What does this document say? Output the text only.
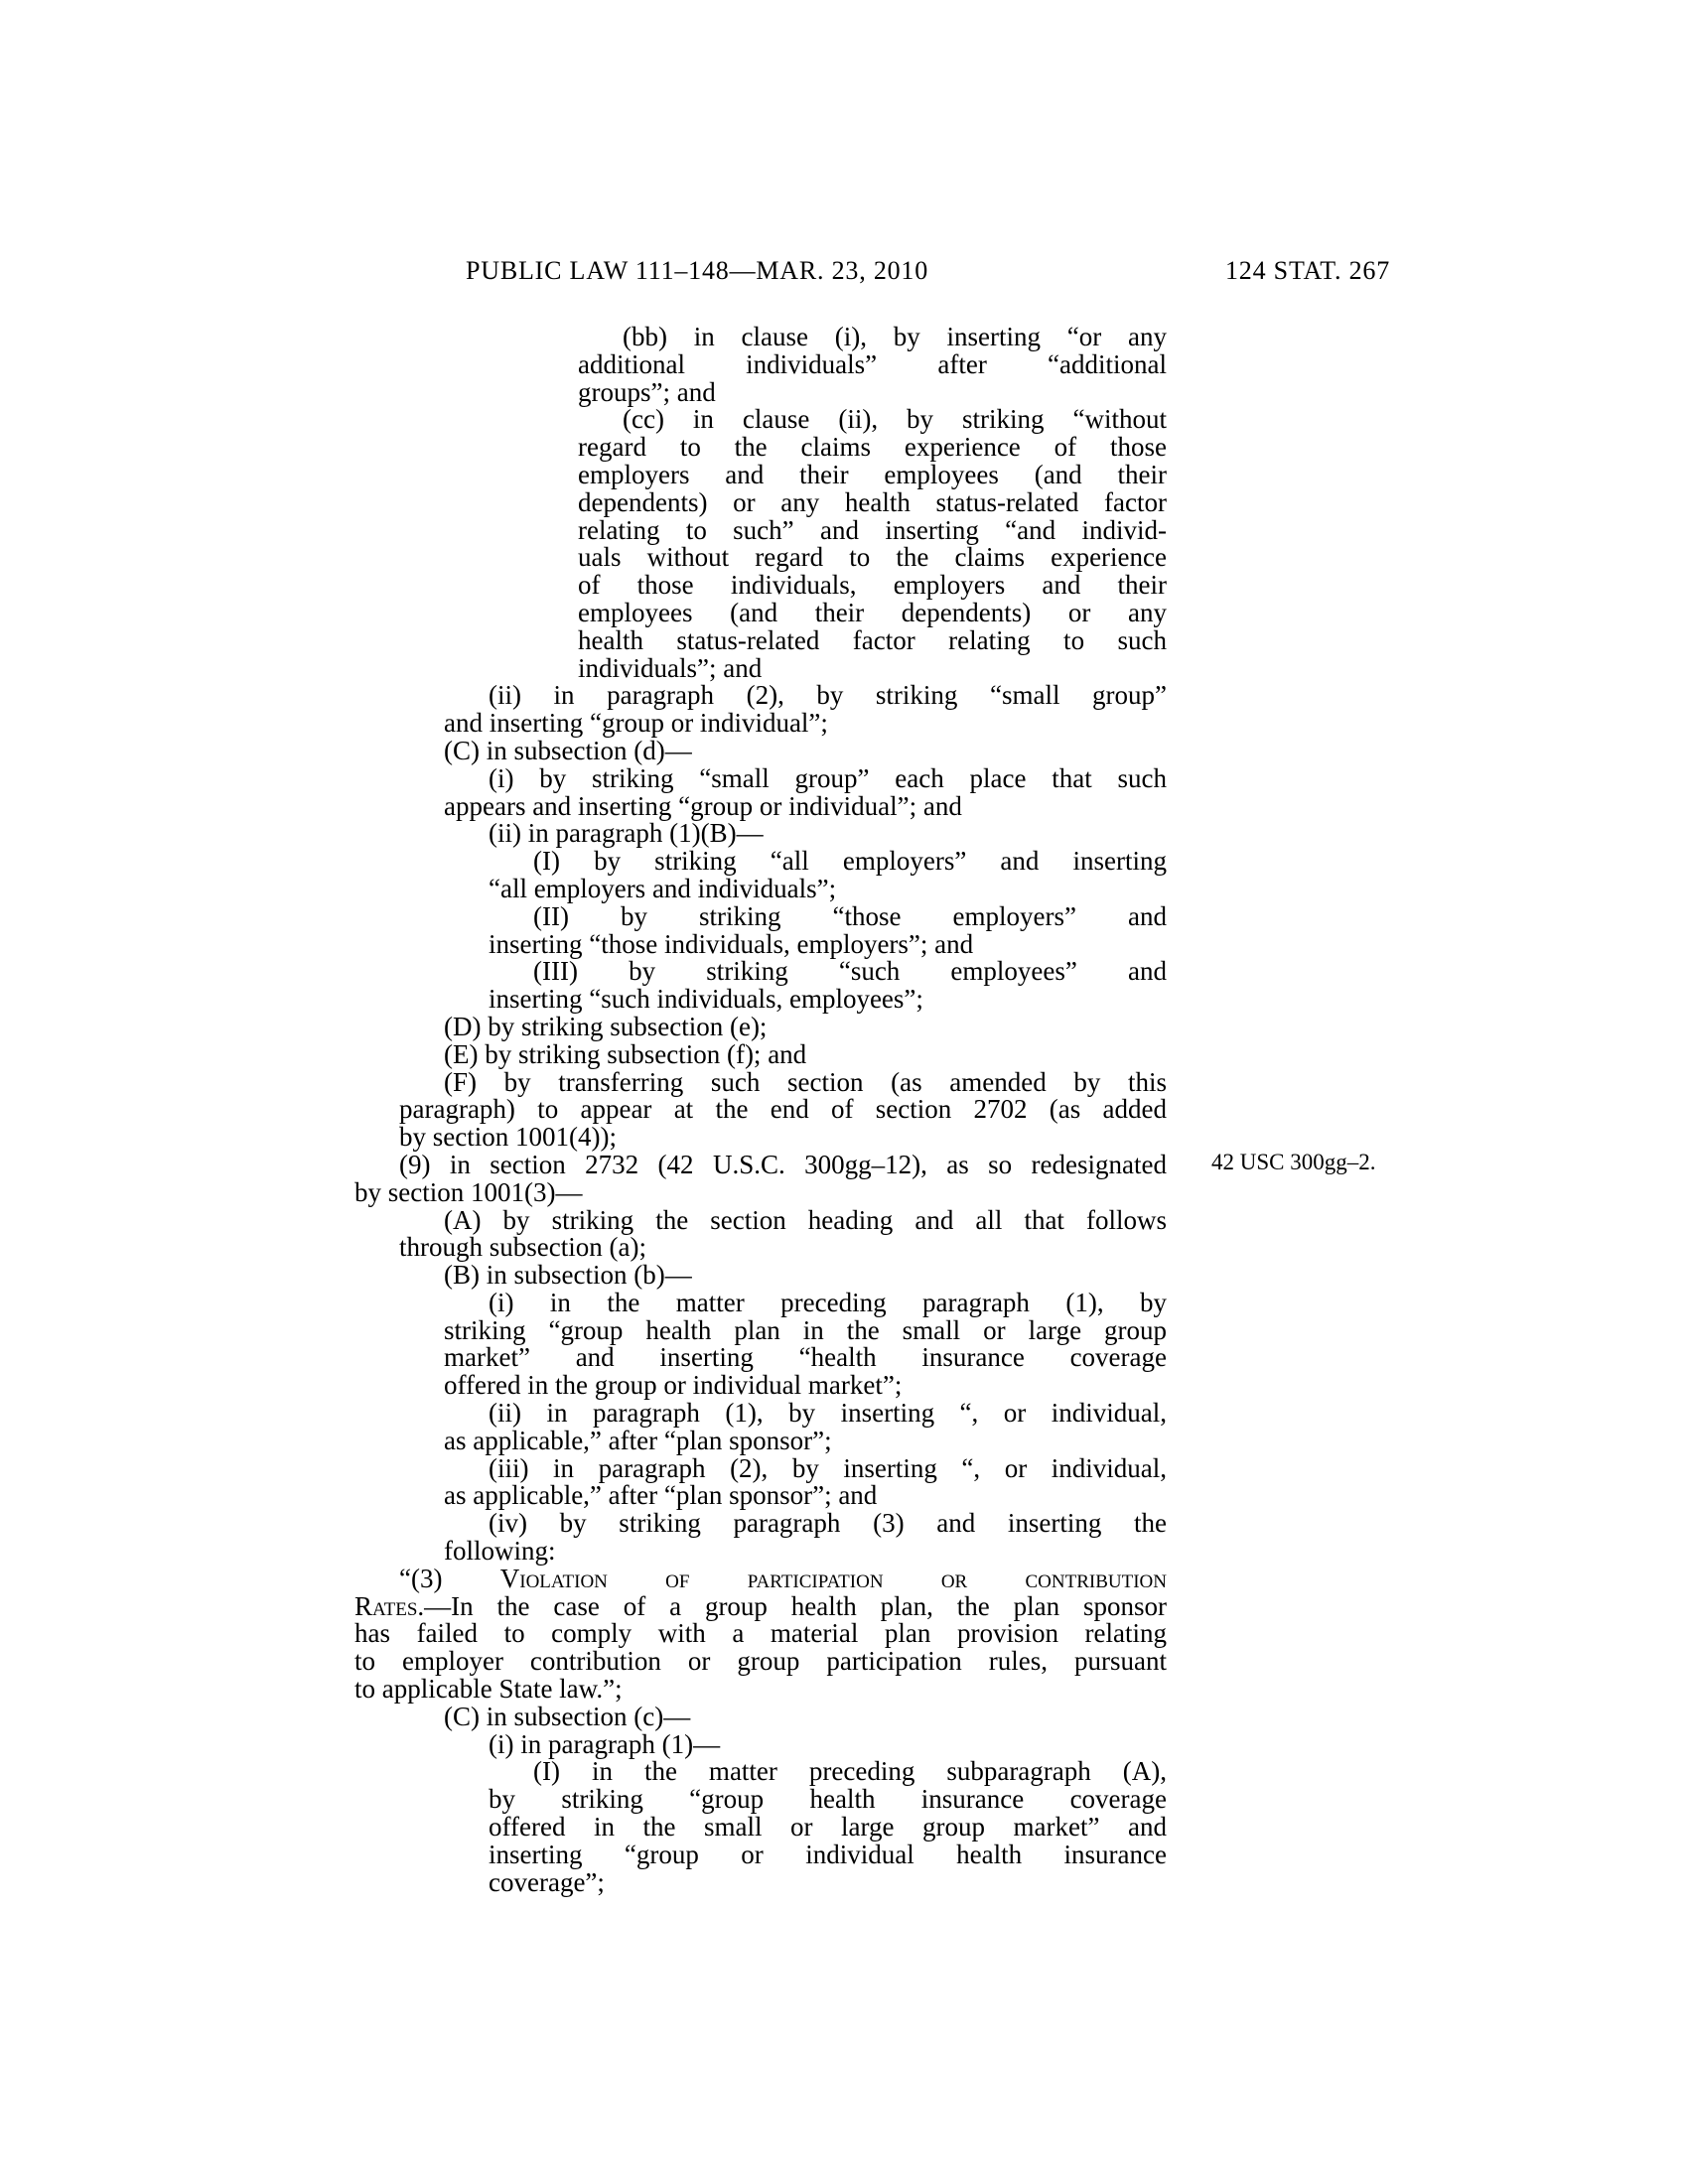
PUBLIC LAW 111–148—MAR. 23, 2010	124 STAT. 267
(bb) in clause (i), by inserting “or any
additional individuals” after “additional
groups”; and
(cc) in clause (ii), by striking “without
regard to the claims experience of those
employers and their employees (and their
dependents) or any health status-related factor
relating to such” and inserting “and individ-
uals without regard to the claims experience
of those individuals, employers and their
employees (and their dependents) or any
health status-related factor relating to such
individuals”; and
(ii) in paragraph (2), by striking “small group”
and inserting “group or individual”;
(C) in subsection (d)—
(i) by striking “small group” each place that such
appears and inserting “group or individual”; and
(ii) in paragraph (1)(B)—
(I) by striking “all employers” and inserting
“all employers and individuals”;
(II) by striking “those employers” and
inserting “those individuals, employers”; and
(III) by striking “such employees” and
inserting “such individuals, employees”;
(D) by striking subsection (e);
(E) by striking subsection (f); and
(F) by transferring such section (as amended by this
paragraph) to appear at the end of section 2702 (as added
by section 1001(4));
(9) in section 2732 (42 U.S.C. 300gg–12), as so redesignated
by section 1001(3)—
(A) by striking the section heading and all that follows
through subsection (a);
(B) in subsection (b)—
(i) in the matter preceding paragraph (1), by
striking “group health plan in the small or large group
market” and inserting “health insurance coverage
offered in the group or individual market”;
(ii) in paragraph (1), by inserting “, or individual,
as applicable,” after “plan sponsor”;
(iii) in paragraph (2), by inserting “, or individual,
as applicable,” after “plan sponsor”; and
(iv) by striking paragraph (3) and inserting the
following:
“(3) Violation of participation or contribution
Rates.—In the case of a group health plan, the plan sponsor
has failed to comply with a material plan provision relating
to employer contribution or group participation rules, pursuant
to applicable State law.”;
(C) in subsection (c)—
(i) in paragraph (1)—
(I) in the matter preceding subparagraph (A),
by striking “group health insurance coverage
offered in the small or large group market” and
inserting “group or individual health insurance
coverage”;
42 USC 300gg–2.
